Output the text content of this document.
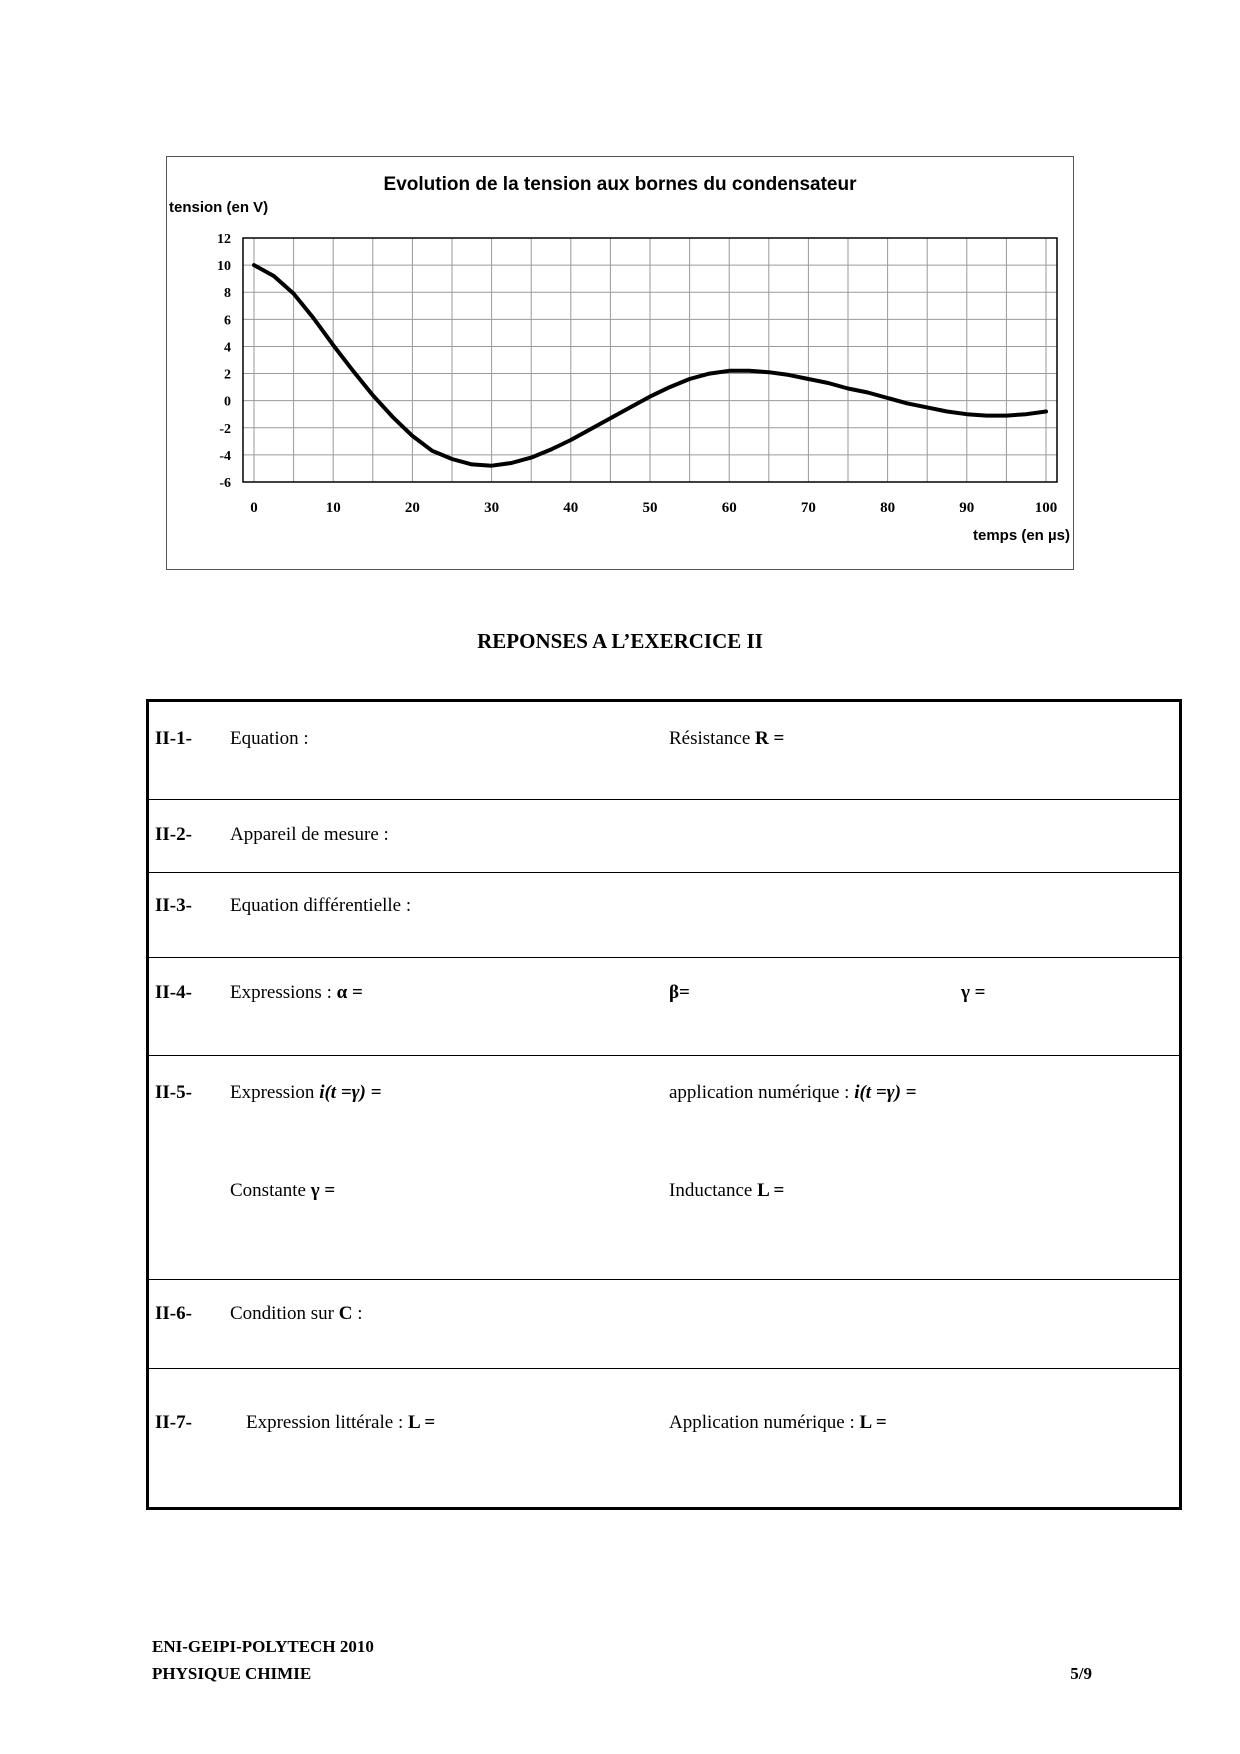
12
10
8
6
4
2
0
-2
-4
-6
0	10	20	30	40	50	60	70	80	90	100
Evolution de la tension aux bornes du condensateur
tension (en V)
temps (en µs)
REPONSES A L’EXERCICE II
II-1- Equation :	Résistance R =
II-2- Appareil de mesure :
II-3- Equation différentielle :
II-4- Expressions : α =	β=	γ =
II-5- Expression i(t =γ) =	application numérique : i(t =γ) =
Constante γ =	Inductance L =
II-6- Condition sur C :
II-7-	Expression littérale : L =	Application numérique : L =
ENI-GEIPI-POLYTECH 2010
PHYSIQUE CHIMIE	5/9
